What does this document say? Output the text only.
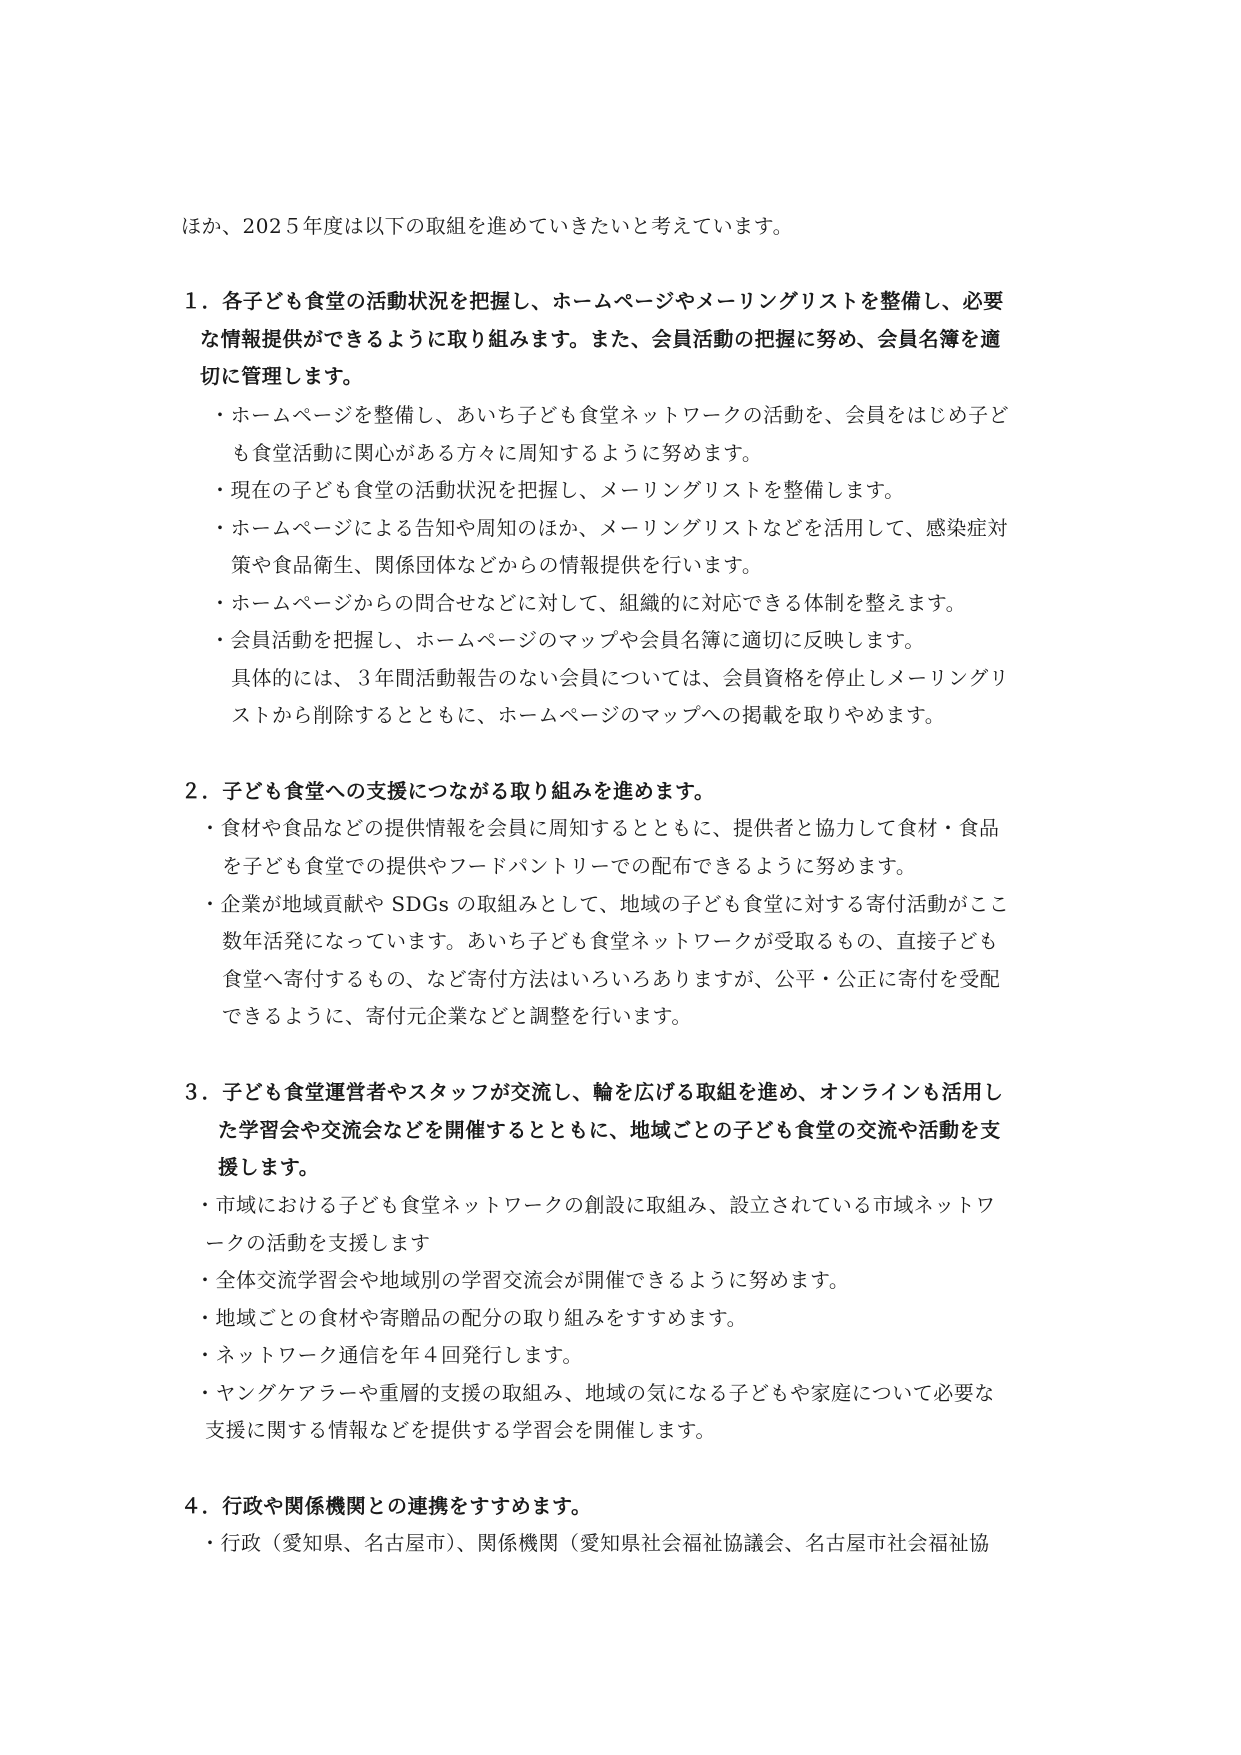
ほか、202５年度は以下の取組を進めていきたいと考えています。
１．各子ども食堂の活動状況を把握し、ホームページやメーリングリストを整備し、必要
な情報提供ができるように取り組みます。また、会員活動の把握に努め、会員名簿を適
切に管理します。
・ホームページを整備し、あいち子ども食堂ネットワークの活動を、会員をはじめ子ど
も食堂活動に関心がある方々に周知するように努めます。
・現在の子ども食堂の活動状況を把握し、メーリングリストを整備します。
・ホームページによる告知や周知のほか、メーリングリストなどを活用して、感染症対
策や食品衛生、関係団体などからの情報提供を行います。
・ホームページからの問合せなどに対して、組織的に対応できる体制を整えます。
・会員活動を把握し、ホームページのマップや会員名簿に適切に反映します。
具体的には、３年間活動報告のない会員については、会員資格を停止しメーリングリ
ストから削除するとともに、ホームページのマップへの掲載を取りやめます。
２．子ども食堂への支援につながる取り組みを進めます。
・食材や食品などの提供情報を会員に周知するとともに、提供者と協力して食材・食品
を子ども食堂での提供やフードパントリーでの配布できるように努めます。
・企業が地域貢献や SDGs の取組みとして、地域の子ども食堂に対する寄付活動がここ
数年活発になっています。あいち子ども食堂ネットワークが受取るもの、直接子ども
食堂へ寄付するもの、など寄付方法はいろいろありますが、公平・公正に寄付を受配
できるように、寄付元企業などと調整を行います。
３．子ども食堂運営者やスタッフが交流し、輪を広げる取組を進め、オンラインも活用し
た学習会や交流会などを開催するとともに、地域ごとの子ども食堂の交流や活動を支
援します。
・市域における子ども食堂ネットワークの創設に取組み、設立されている市域ネットワ
ークの活動を支援します
・全体交流学習会や地域別の学習交流会が開催できるように努めます。
・地域ごとの食材や寄贈品の配分の取り組みをすすめます。
・ネットワーク通信を年４回発行します。
・ヤングケアラーや重層的支援の取組み、地域の気になる子どもや家庭について必要な
支援に関する情報などを提供する学習会を開催します。
４．行政や関係機関との連携をすすめます。
・行政（愛知県、名古屋市）、関係機関（愛知県社会福祉協議会、名古屋市社会福祉協
